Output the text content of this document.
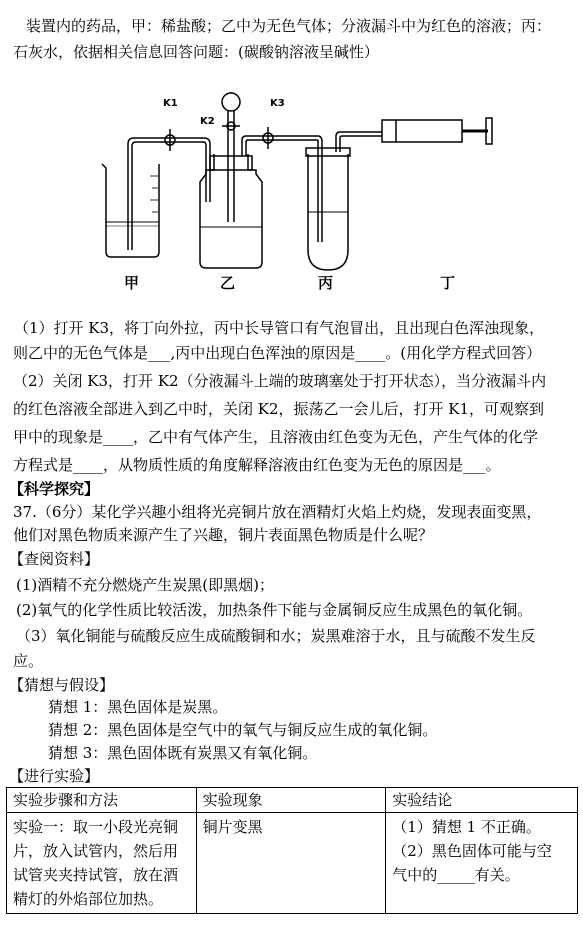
装置内的药品，甲：稀盐酸；乙中为无色气体；分液漏斗中为红色的溶液；丙：
石灰水，依据相关信息回答问题：(碳酸钠溶液呈碱性）
K1
K2
K3
甲	乙	丙	丁
（1）打开 K3，将丁向外拉，丙中长导管口有气泡冒出，且出现白色浑浊现象，
则乙中的无色气体是___,丙中出现白色浑浊的原因是____。(用化学方程式回答）
（2）关闭 K3，打开 K2（分液漏斗上端的玻璃塞处于打开状态），当分液漏斗内
的红色溶液全部进入到乙中时，关闭 K2，振荡乙一会儿后，打开 K1，可观察到
甲中的现象是____，乙中有气体产生，且溶液由红色变为无色，产生气体的化学
方程式是____，从物质性质的角度解释溶液由红色变为无色的原因是___。
【科学探究】
37.（6分）某化学兴趣小组将光亮铜片放在酒精灯火焰上灼烧，发现表面变黑，
他们对黑色物质来源产生了兴趣，铜片表面黑色物质是什么呢？
【查阅资料】
(1)酒精不充分燃烧产生炭黑(即黑烟)；
(2)氧气的化学性质比较活泼，加热条件下能与金属铜反应生成黑色的氧化铜。
（3）氧化铜能与硫酸反应生成硫酸铜和水；炭黑难溶于水，且与硫酸不发生反
应。
【猜想与假设】
猜想 1：黑色固体是炭黑。
猜想 2：黑色固体是空气中的氧气与铜反应生成的氧化铜。
猜想 3：黑色固体既有炭黑又有氧化铜。
【进行实验】
实验步骤和方法	实验现象	实验结论
实验一：取一小段光亮铜
片，放入试管内，然后用
试管夹夹持试管，放在酒
精灯的外焰部位加热。	铜片变黑	（1）猜想 1 不正确。
（2）黑色固体可能与空
气中的_____有关。
